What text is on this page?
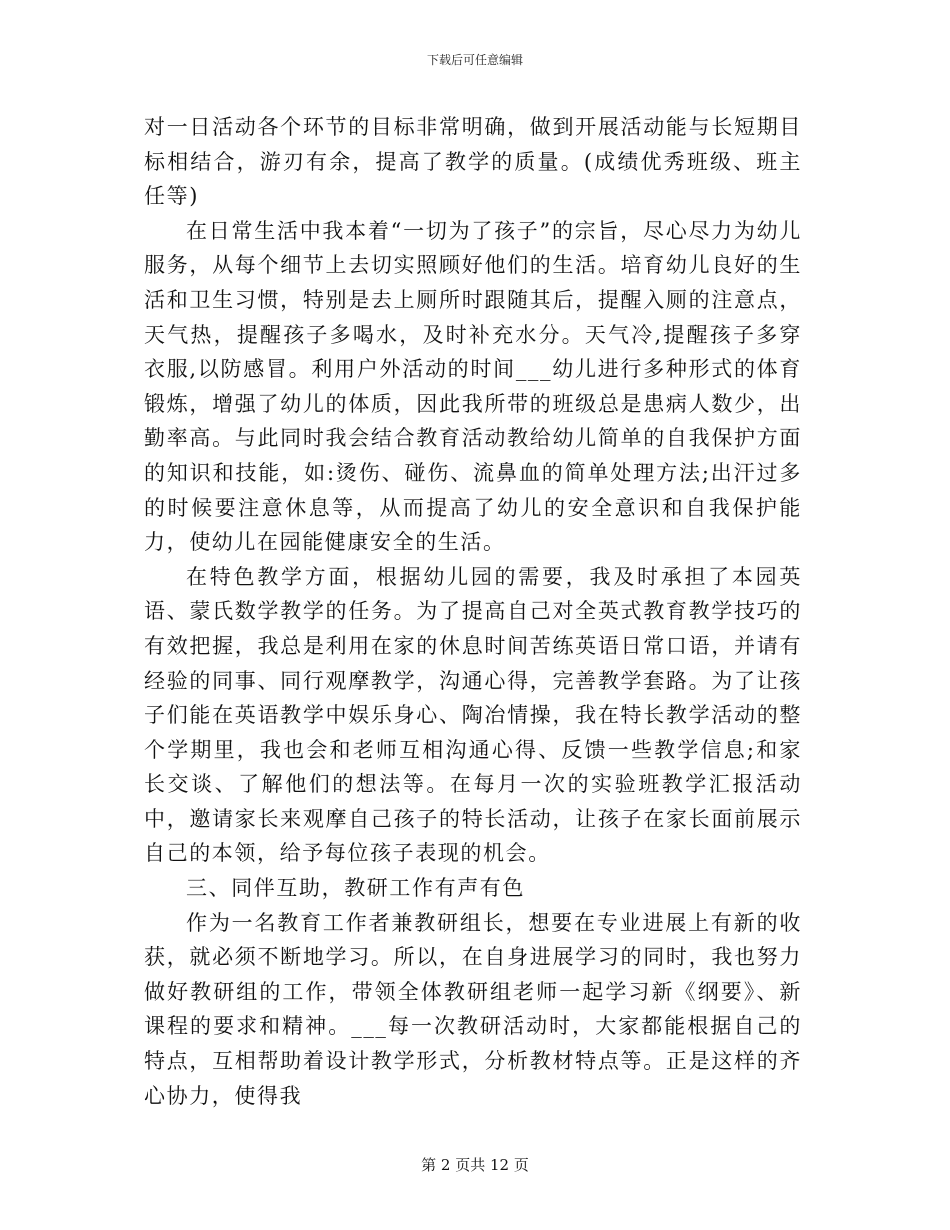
下载后可任意编辑

对一日活动各个环节的目标非常明确，做到开展活动能与长短期目标相结合，游刃有余，提高了教学的质量。(成绩优秀班级、班主任等)

在日常生活中我本着“一切为了孩子”的宗旨，尽心尽力为幼儿服务，从每个细节上去切实照顾好他们的生活。培育幼儿良好的生活和卫生习惯，特别是去上厕所时跟随其后，提醒入厕的注意点，天气热，提醒孩子多喝水，及时补充水分。天气冷,提醒孩子多穿衣服,以防感冒。利用户外活动的时间___幼儿进行多种形式的体育锻炼，增强了幼儿的体质，因此我所带的班级总是患病人数少，出勤率高。与此同时我会结合教育活动教给幼儿简单的自我保护方面的知识和技能，如:烫伤、碰伤、流鼻血的简单处理方法;出汗过多的时候要注意休息等，从而提高了幼儿的安全意识和自我保护能力，使幼儿在园能健康安全的生活。

在特色教学方面，根据幼儿园的需要，我及时承担了本园英语、蒙氏数学教学的任务。为了提高自己对全英式教育教学技巧的有效把握，我总是利用在家的休息时间苦练英语日常口语，并请有经验的同事、同行观摩教学，沟通心得，完善教学套路。为了让孩子们能在英语教学中娱乐身心、陶冶情操，我在特长教学活动的整个学期里，我也会和老师互相沟通心得、反馈一些教学信息;和家长交谈、了解他们的想法等。在每月一次的实验班教学汇报活动中，邀请家长来观摩自己孩子的特长活动，让孩子在家长面前展示自己的本领，给予每位孩子表现的机会。

三、同伴互助，教研工作有声有色

作为一名教育工作者兼教研组长，想要在专业进展上有新的收获，就必须不断地学习。所以，在自身进展学习的同时，我也努力做好教研组的工作，带领全体教研组老师一起学习新《纲要》、新课程的要求和精神。___每一次教研活动时，大家都能根据自己的特点，互相帮助着设计教学形式，分析教材特点等。正是这样的齐心协力，使得我

第 2 页共 12 页
